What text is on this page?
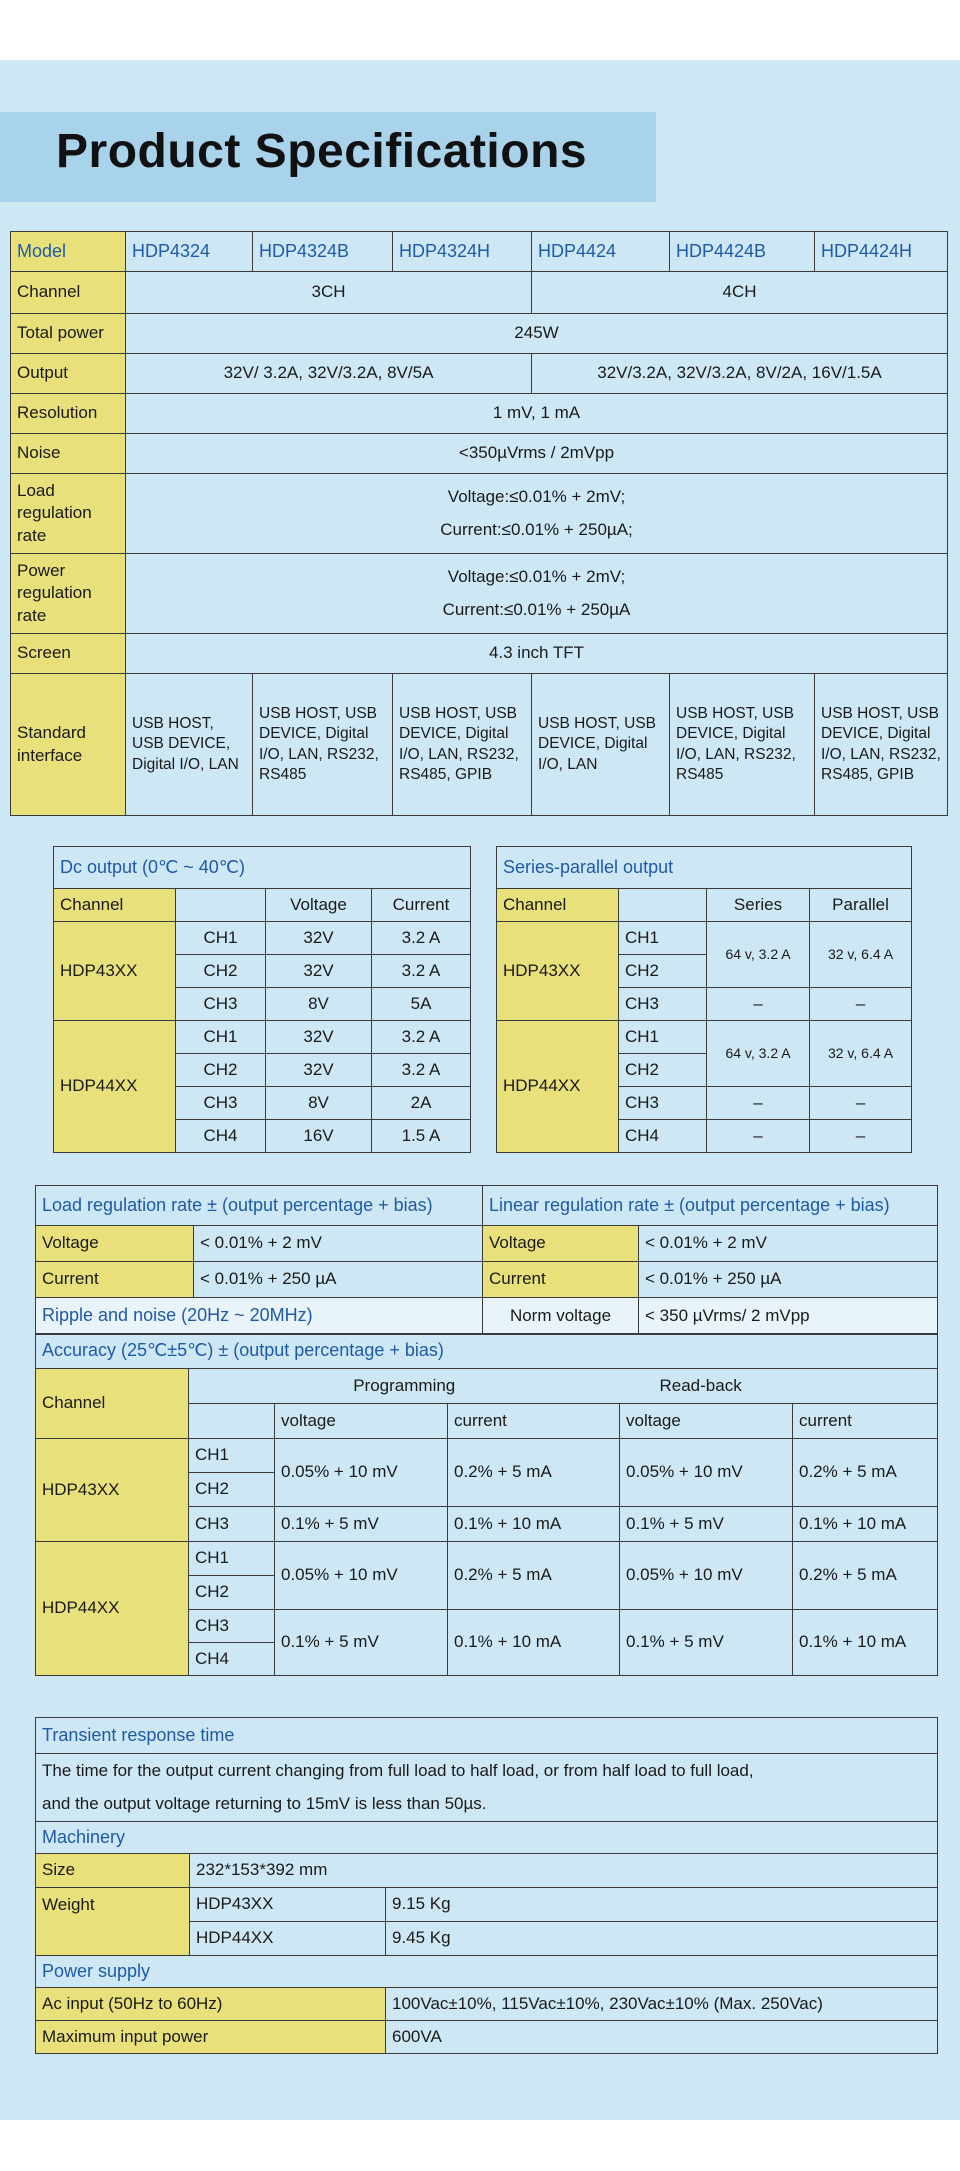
Product Specifications
Model	HDP4324	HDP4324B	HDP4324H	HDP4424	HDP4424B	HDP4424H
Channel	3CH			4CH		
Total power	245W					
Output	32V/ 3.2A, 32V/3.2A, 8V/5A			32V/3.2A, 32V/3.2A, 8V/2A, 16V/1.5A		
Resolution	1 mV, 1 mA					
Noise	<350µVrms / 2mVpp					
Load regulation rate	Voltage:≤0.01% + 2mV;
Current:≤0.01% + 250µA;					

Power regulation rate	Voltage:≤0.01% + 2mV;
Current:≤0.01% + 250µA					

Screen	4.3 inch TFT					
Standard interface	USB HOST, USB DEVICE, Digital I/O, LAN	USB HOST, USB DEVICE, Digital I/O, LAN, RS232, RS485	USB HOST, USB DEVICE, Digital I/O, LAN, RS232, RS485, GPIB	USB HOST, USB DEVICE, Digital I/O, LAN	USB HOST, USB DEVICE, Digital I/O, LAN, RS232, RS485	USB HOST, USB DEVICE, Digital I/O, LAN, RS232, RS485, GPIB
Dc output (0℃ ~ 40℃)			
Channel		Voltage	Current
HDP43XX	CH1	32V	3.2 A
	CH2	32V	3.2 A
	CH3	8V	5A
HDP44XX	CH1	32V	3.2 A
	CH2	32V	3.2 A
	CH3	8V	2A
	CH4	16V	1.5 A
Series-parallel output			
Channel		Series	Parallel
HDP43XX	CH1	64 v, 3.2 A	32 v, 6.4 A
	CH2		
	CH3	–	–
HDP44XX	CH1	64 v, 3.2 A	32 v, 6.4 A
	CH2		
	CH3	–	–
	CH4	–	–
Load regulation rate ± (output percentage + bias)		Linear regulation rate ± (output percentage + bias)	
Voltage	< 0.01% + 2 mV	Voltage	< 0.01% + 2 mV
Current	< 0.01% + 250 µA	Current	< 0.01% + 250 µA
Ripple and noise (20Hz ~ 20MHz)		Norm voltage	< 350 µVrms/ 2 mVpp
Accuracy (25℃±5℃) ± (output percentage + bias)					
Channel	Programming			Read-back	
		voltage	current	voltage	current
HDP43XX	CH1	0.05% + 10 mV	0.2% + 5 mA	0.05% + 10 mV	0.2% + 5 mA
	CH2				
	CH3	0.1% + 5 mV	0.1% + 10 mA	0.1% + 5 mV	0.1% + 10 mA
HDP44XX	CH1	0.05% + 10 mV	0.2% + 5 mA	0.05% + 10 mV	0.2% + 5 mA
	CH2				
	CH3	0.1% + 5 mV	0.1% + 10 mA	0.1% + 5 mV	0.1% + 10 mA
	CH4				
Transient response time		

The time for the output current changing from full load to half load, or from half load to full load,
and the output voltage returning to 15mV is less than 50µs.		

Machinery		
Size	232*153*392 mm	
Weight	HDP43XX	9.15 Kg
	HDP44XX	9.45 Kg
Power supply		
Ac input (50Hz to 60Hz)		100Vac±10%, 115Vac±10%, 230Vac±10% (Max. 250Vac)
Maximum input power		600VA
